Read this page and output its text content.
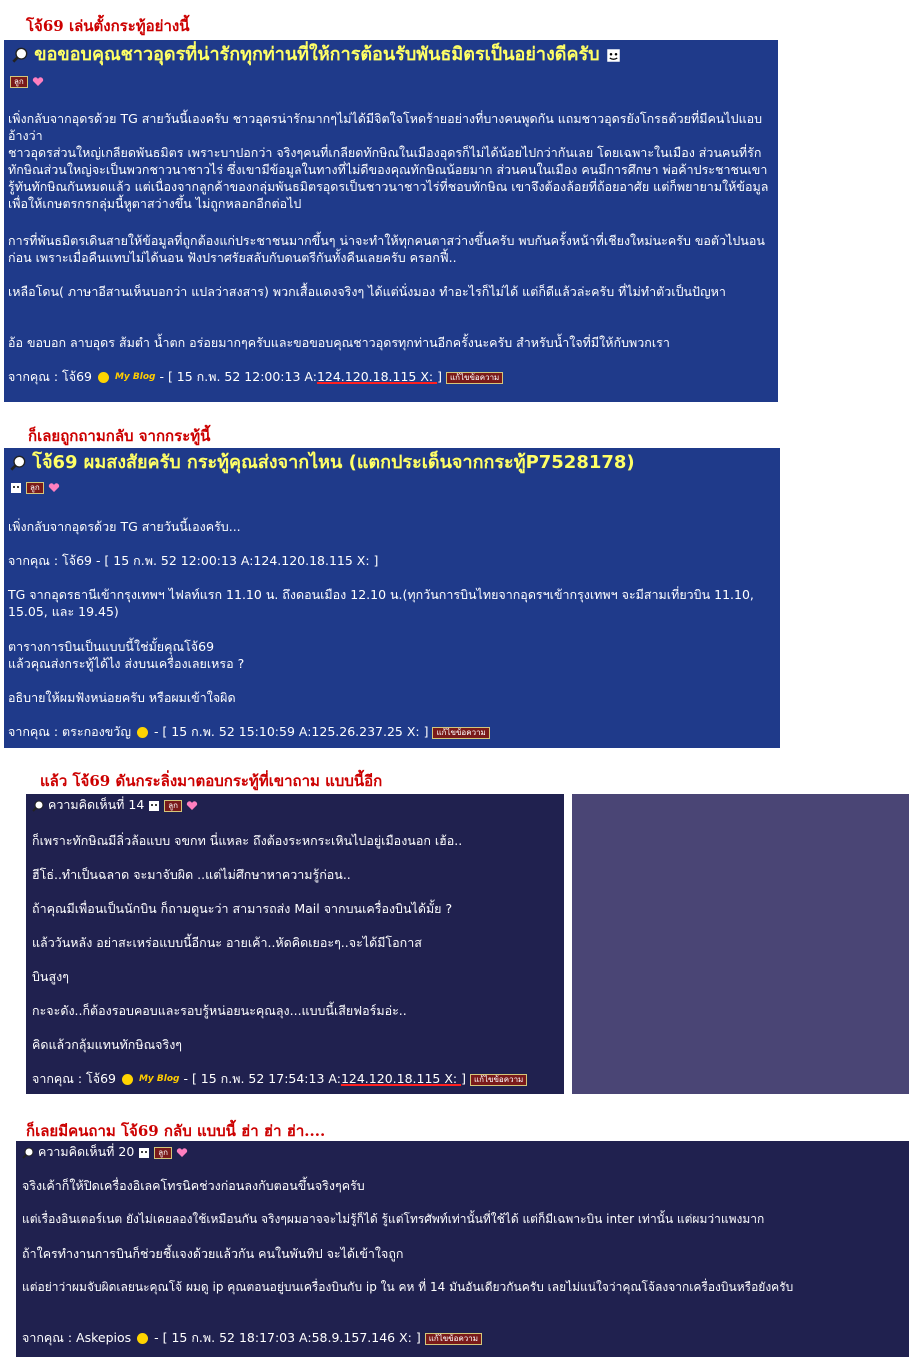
โจ้69 เล่นตั้งกระทู้อย่างนี้
ขอขอบคุณชาวอุดรที่น่ารักทุกท่านที่ให้การต้อนรับพันธมิตรเป็นอย่างดีครับ
ลูก

เพิ่งกลับจากอุดรด้วย TG สายวันนี้เองครับ ชาวอุดรน่ารักมากๆไม่ได้มีจิตใจโหดร้ายอย่างที่บางคนพูดกัน แถมชาวอุดรยังโกรธด้วยที่มีคนไปแอบอ้างว่า

ชาวอุดรส่วนใหญ่เกลียดพันธมิตร เพราะบาปอกว่า จริงๆคนที่เกลียดทักษิณในเมืองอุดรก็ไม่ได้น้อยไปกว่ากันเลย โดยเฉพาะในเมือง ส่วนคนที่รักทักษิณส่วนใหญ่จะเป็นพวกชาวนาชาวไร่ ซึ่งเขามีข้อมูลในทางที่ไม่ดีของคุณทักษิณน้อยมาก ส่วนคนในเมือง คนมีการศึกษา พ่อค้าประชาชนเขารู้ทันทักษิณกันหมดแล้ว แต่เนื่องจากลูกค้าของกลุ่มพันธมิตรอุดรเป็นชาวนาชาวไร่ที่ชอบทักษิณ เขาจึงต้องล้อยที่ถ้อยอาศัย แต่ก็พยายามให้ข้อมูลเพื่อให้เกษตรกรกลุ่มนี้หูตาสว่างขึ้น ไม่ถูกหลอกอีกต่อไป

การที่พันธมิตรเดินสายให้ข้อมูลที่ถูกต้องแก่ประชาชนมากขึ้นๆ น่าจะทำให้ทุกคนตาสว่างขึ้นครับ พบกันครั้งหน้าที่เชียงใหม่นะครับ ขอตัวไปนอนก่อน เพราะเมื่อคืนแทบไม่ได้นอน ฟังปราศรัยสลับกับดนตรีกันทั้งคืนเลยครับ ครอกฟี้..

เหลือโดน( ภาษาอีสานเห็นบอกว่า แปลว่าสงสาร) พวกเสื้อแดงจริงๆ ได้แต่นั่งมอง ทำอะไรก็ไม่ได้ แต่ก็ดีแล้วล่ะครับ ที่ไม่ทำตัวเป็นปัญหา

อ้อ ขอบอก ลาบอุดร ส้มตำ น้ำตก อร่อยมากๆครับและขอขอบคุณชาวอุดรทุกท่านอีกครั้งนะครับ สำหรับน้ำใจที่มีให้กับพวกเรา

จากคุณ : โจ้69	My Blog - [ 15 ก.พ. 52 12:00:13 A:124.120.18.115 X: ] แก้ไขข้อความ
ก็เลยถูกถามกลับ จากกระทู้นี้
โจ้69 ผมสงสัยครับ กระทู้คุณส่งจากไหน (แตกประเด็นจากกระทู้P7528178)
ลูก
เพิ่งกลับจากอุดรด้วย TG สายวันนี้เองครับ...
จากคุณ : โจ้69 - [ 15 ก.พ. 52 12:00:13 A:124.120.18.115 X: ]

TG จากอุดรธานีเข้ากรุงเทพฯ ไฟลท์แรก 11.10 น. ถึงดอนเมือง 12.10 น.(ทุกวันการบินไทยจากอุดรฯเข้ากรุงเทพฯ จะมีสามเที่ยวบิน 11.10, 15.05, และ 19.45)

ตารางการบินเป็นแบบนี้ใช่มั้ยคุณโจ้69
แล้วคุณส่งกระทู้ได้ไง ส่งบนเครื่องเลยเหรอ ?
อธิบายให้ผมฟังหน่อยครับ หรือผมเข้าใจผิด
จากคุณ : ตระกองขวัญ  - [ 15 ก.พ. 52 15:10:59 A:125.26.237.25 X: ] แก้ไขข้อความ
แล้ว โจ้69 ดันกระลิ่งมาตอบกระทู้ที่เขาถาม แบบนี้อีก
ความคิดเห็นที่ 14	ลูก
ก็เพราะทักษิณมีลิ่วล้อแบบ จขกท นี่แหละ ถึงต้องระหกระเหินไปอยู่เมืองนอก เฮ้อ..
ฮีโธ่..ทำเป็นฉลาด จะมาจับผิด ..แต่ไม่ศึกษาหาความรู้ก่อน..
ถ้าคุณมีเพื่อนเป็นนักบิน ก็ถามดูนะว่า สามารถส่ง Mail จากบนเครื่องบินได้มั้ย ?
แล้ววันหลัง อย่าสะเหร่อแบบนี้อีกนะ อายเค้า..หัดคิดเยอะๆ..จะได้มีโอกาส
บินสูงๆ
กะจะดัง..ก็ต้องรอบคอบและรอบรู้หน่อยนะคุณลุง...แบบนี้เสียฟอร์มอ่ะ..
คิดแล้วกลุ้มแทนทักษิณจริงๆ
จากคุณ : โจ้69	My Blog - [ 15 ก.พ. 52 17:54:13 A:124.120.18.115 X: ] แก้ไขข้อความ
ก็เลยมีคนถาม โจ้69 กลับ แบบนี้ ฮ่า ฮ่า ฮ่า....
ความคิดเห็นที่ 20	ลูก
จริงเค้าก็ให้ปิดเครื่องอิเลคโทรนิคช่วงก่อนลงกับตอนขึ้นจริงๆครับ
แต่เรื่องอินเตอร์เนต ยังไม่เคยลองใช้เหมือนกัน จริงๆผมอาจจะไม่รู้ก็ได้ รู้แต่โทรศัพท์เท่านั้นที่ใช้ได้ แต่ก็มีเฉพาะบิน inter เท่านั้น แต่ผมว่าแพงมาก
ถ้าใครทำงานการบินก็ช่วยชี้แจงด้วยแล้วกัน คนในพันทิป จะได้เข้าใจถูก
แต่อย่าว่าผมจับผิดเลยนะคุณโจ้ ผมดู ip คุณตอนอยู่บนเครื่องบินกับ ip ใน คห ที่ 14 มันอันเดียวกันครับ เลยไม่แน่ใจว่าคุณโจ้ลงจากเครื่องบินหรือยังครับ
จากคุณ : Askepios  - [ 15 ก.พ. 52 18:17:03 A:58.9.157.146 X: ] แก้ไขข้อความ
